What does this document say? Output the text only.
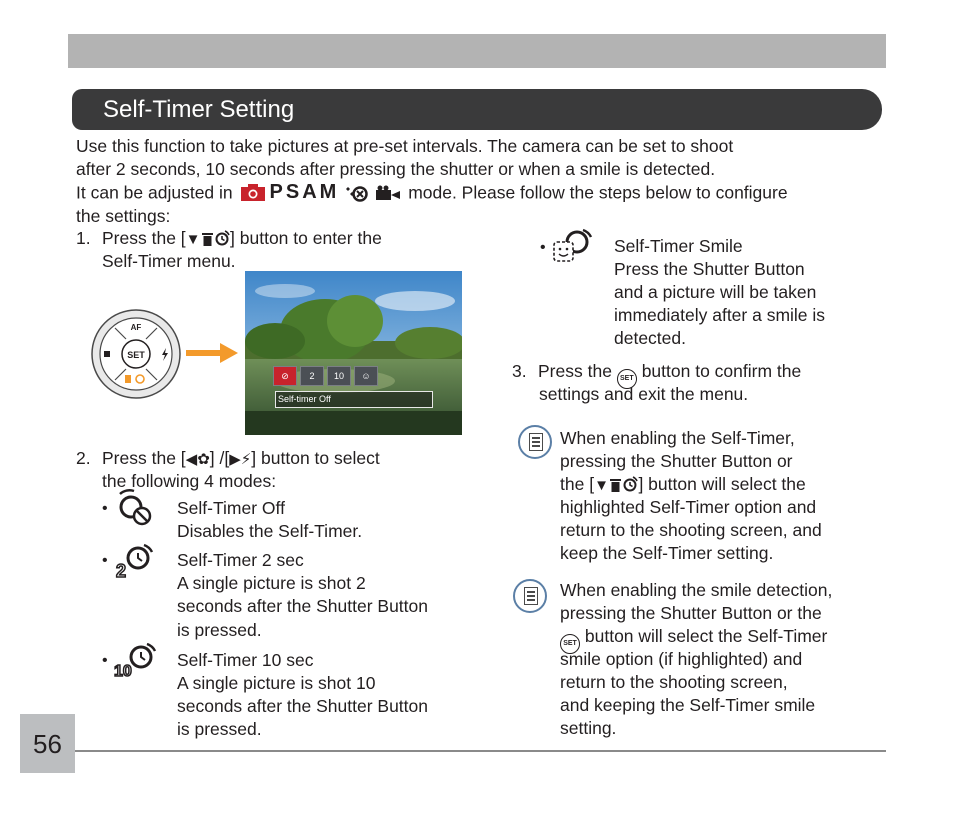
Self-Timer Setting
Use this function to take pictures at pre-set intervals. The camera can be set to shoot
after 2 seconds, 10 seconds after pressing the shutter or when a smile is detected.
It can be adjusted in PSAM	mode. Please follow the steps below to configure
the settings:
1. Press the [▼  ] button to enter the
Self-Timer menu.
SET
AF
⊘	2	10	☺
Self-timer Off
2. Press the [◀✿] /[▶⚡] button to select
the following 4 modes:
•	Self-Timer Off
Disables the Self-Timer.
•
2
Self-Timer 2 sec
A single picture is shot 2
seconds after the Shutter Button
is pressed.
•
10
Self-Timer 10 sec
A single picture is shot 10
seconds after the Shutter Button
is pressed.
•	Self-Timer Smile
Press the Shutter Button
and a picture will be taken
immediately after a smile is
detected.
3. Press the SET button to confirm the
settings and exit the menu.
When enabling the Self-Timer,
pressing the Shutter Button or
the [▼  ] button will select the
highlighted Self-Timer option and
return to the shooting screen, and
keep the Self-Timer setting.
When enabling the smile detection,
pressing the Shutter Button or the
SET button will select the Self-Timer
smile option (if highlighted) and
return to the shooting screen,
and keeping the Self-Timer smile
setting.
56
